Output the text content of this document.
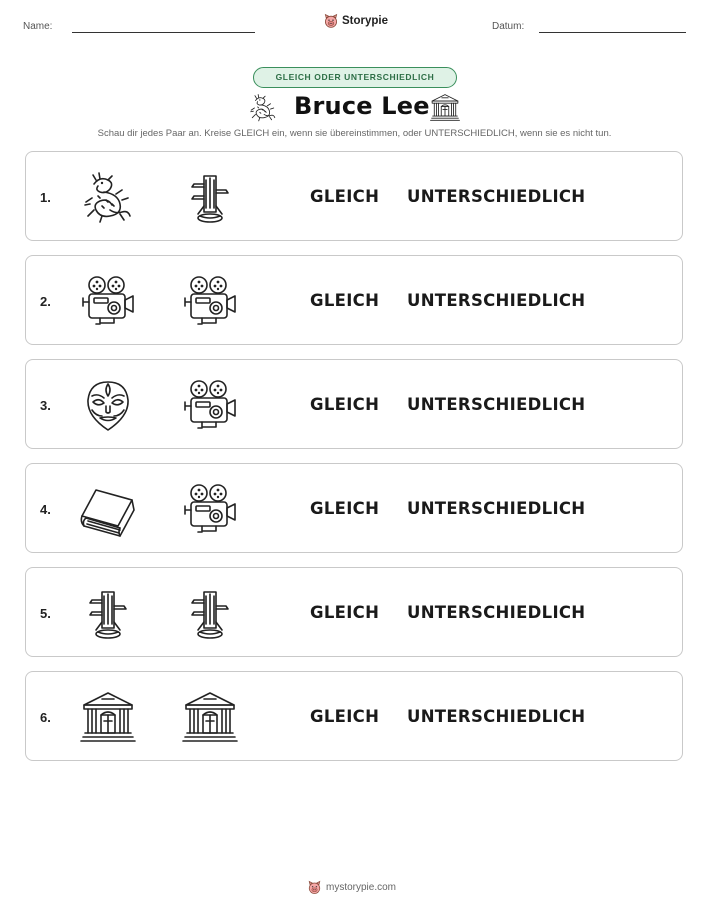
Name:	Storypie	Datum:
GLEICH ODER UNTERSCHIEDLICH
Bruce Lee
Schau dir jedes Paar an. Kreise GLEICH ein, wenn sie übereinstimmen, oder UNTERSCHIEDLICH, wenn sie es nicht tun.
1.	GLEICH UNTERSCHIEDLICH
2.	GLEICH UNTERSCHIEDLICH
3.	GLEICH UNTERSCHIEDLICH
4.	GLEICH UNTERSCHIEDLICH
5.	GLEICH UNTERSCHIEDLICH
6.	GLEICH UNTERSCHIEDLICH
mystorypie.com
